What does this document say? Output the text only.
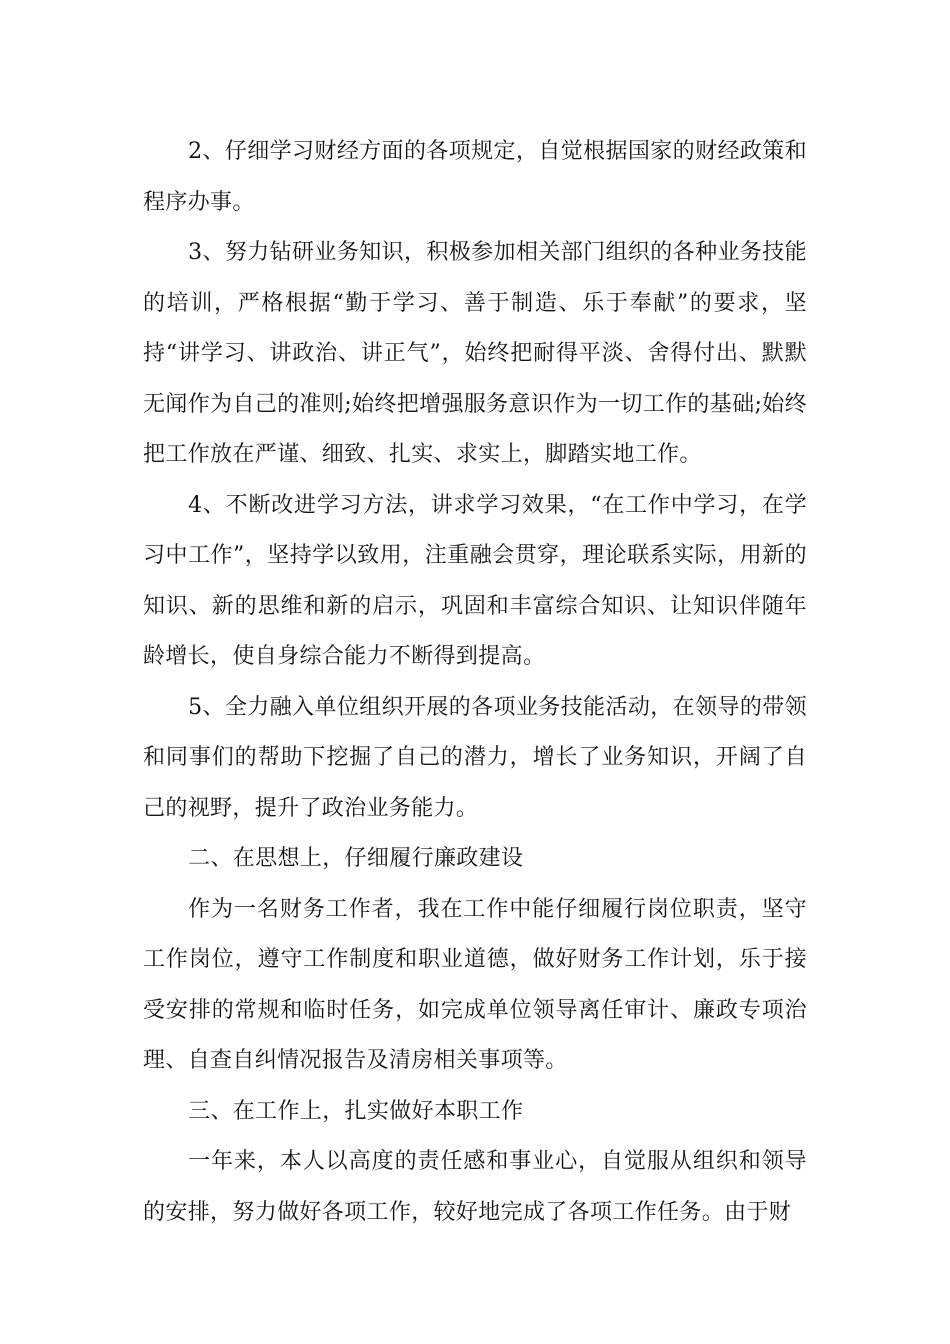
2、仔细学习财经方面的各项规定，自觉根据国家的财经政策和程序办事。

3、努力钻研业务知识，积极参加相关部门组织的各种业务技能的培训，严格根据“勤于学习、善于制造、乐于奉献”的要求，坚持“讲学习、讲政治、讲正气”，始终把耐得平淡、舍得付出、默默无闻作为自己的准则;始终把增强服务意识作为一切工作的基础;始终把工作放在严谨、细致、扎实、求实上，脚踏实地工作。

4、不断改进学习方法，讲求学习效果，“在工作中学习，在学习中工作”，坚持学以致用，注重融会贯穿，理论联系实际，用新的知识、新的思维和新的启示，巩固和丰富综合知识、让知识伴随年龄增长，使自身综合能力不断得到提高。

5、全力融入单位组织开展的各项业务技能活动，在领导的带领和同事们的帮助下挖掘了自己的潜力，增长了业务知识，开阔了自己的视野，提升了政治业务能力。

二、在思想上，仔细履行廉政建设

作为一名财务工作者，我在工作中能仔细履行岗位职责，坚守工作岗位，遵守工作制度和职业道德，做好财务工作计划，乐于接受安排的常规和临时任务，如完成单位领导离任审计、廉政专项治理、自查自纠情况报告及清房相关事项等。

三、在工作上，扎实做好本职工作

一年来，本人以高度的责任感和事业心，自觉服从组织和领导的安排，努力做好各项工作，较好地完成了各项工作任务。由于财
